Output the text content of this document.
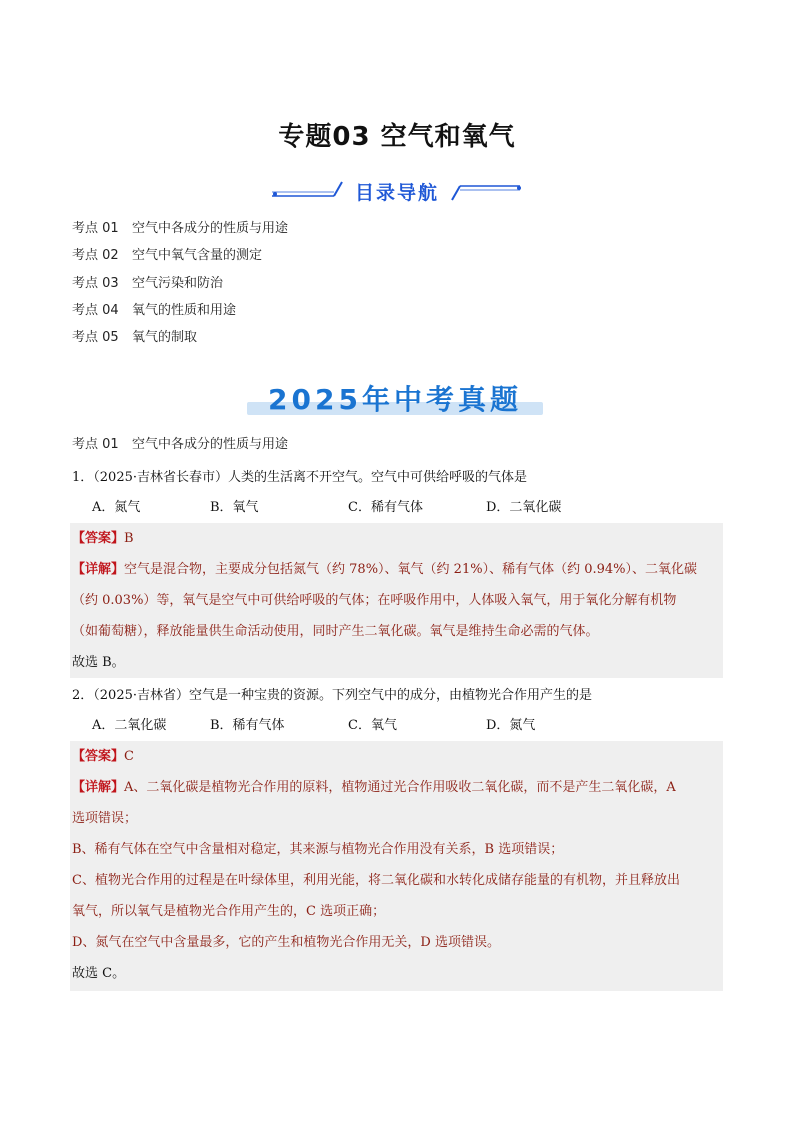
专题03 空气和氧气
目录导航
考点 01 空气中各成分的性质与用途
考点 02 空气中氧气含量的测定
考点 03 空气污染和防治
考点 04 氧气的性质和用途
考点 05 氧气的制取
2025年中考真题
考点 01 空气中各成分的性质与用途
1．（2025·吉林省长春市）人类的生活离不开空气。空气中可供给呼吸的气体是
A．氮气	B．氧气	C．稀有气体	D．二氧化碳
【答案】B
【详解】空气是混合物，主要成分包括氮气（约 78%）、氧气（约 21%）、稀有气体（约 0.94%）、二氧化碳
（约 0.03%）等，氧气是空气中可供给呼吸的气体；在呼吸作用中，人体吸入氧气，用于氧化分解有机物
（如葡萄糖），释放能量供生命活动使用，同时产生二氧化碳。氧气是维持生命必需的气体。
故选 B。
2．（2025·吉林省）空气是一种宝贵的资源。下列空气中的成分，由植物光合作用产生的是
A．二氧化碳	B．稀有气体	C．氧气	D．氮气
【答案】C
【详解】A、二氧化碳是植物光合作用的原料，植物通过光合作用吸收二氧化碳，而不是产生二氧化碳，A
选项错误；
B、稀有气体在空气中含量相对稳定，其来源与植物光合作用没有关系，B 选项错误；
C、植物光合作用的过程是在叶绿体里，利用光能，将二氧化碳和水转化成储存能量的有机物，并且释放出
氧气，所以氧气是植物光合作用产生的，C 选项正确；
D、氮气在空气中含量最多，它的产生和植物光合作用无关，D 选项错误。
故选 C。
